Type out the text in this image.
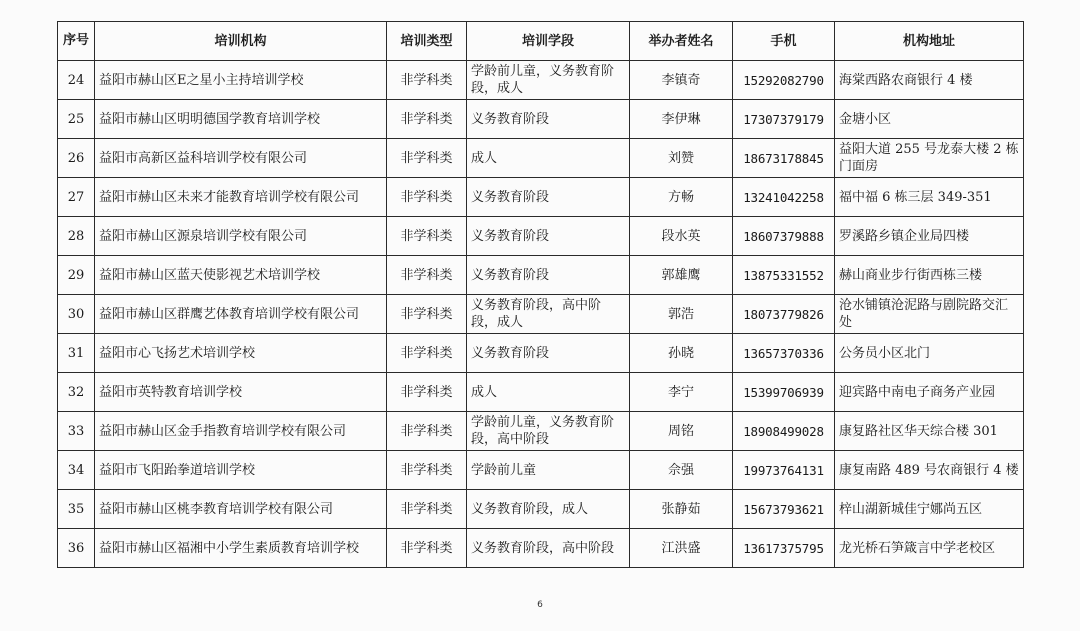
序号	培训机构	培训类型	培训学段	举办者姓名	手机	机构地址
24	益阳市赫山区E之星小主持培训学校	非学科类	学龄前儿童，义务教育阶段，成人	李镇奇	15292082790	海棠西路农商银行 4 楼
25	益阳市赫山区明明德国学教育培训学校	非学科类	义务教育阶段	李伊琳	17307379179	金塘小区
26	益阳市高新区益科培训学校有限公司	非学科类	成人	刘赞	18673178845	益阳大道 255 号龙泰大楼 2 栋门面房
27	益阳市赫山区未来才能教育培训学校有限公司	非学科类	义务教育阶段	方畅	13241042258	福中福 6 栋三层 349-351
28	益阳市赫山区源泉培训学校有限公司	非学科类	义务教育阶段	段水英	18607379888	罗溪路乡镇企业局四楼
29	益阳市赫山区蓝天使影视艺术培训学校	非学科类	义务教育阶段	郭雄鹰	13875331552	赫山商业步行街西栋三楼
30	益阳市赫山区群鹰艺体教育培训学校有限公司	非学科类	义务教育阶段，高中阶段，成人	郭浩	18073779826	沧水铺镇沧泥路与剧院路交汇处
31	益阳市心飞扬艺术培训学校	非学科类	义务教育阶段	孙晓	13657370336	公务员小区北门
32	益阳市英特教育培训学校	非学科类	成人	李宁	15399706939	迎宾路中南电子商务产业园
33	益阳市赫山区金手指教育培训学校有限公司	非学科类	学龄前儿童，义务教育阶段，高中阶段	周铭	18908499028	康复路社区华天综合楼 301
34	益阳市飞阳跆拳道培训学校	非学科类	学龄前儿童	佘强	19973764131	康复南路 489 号农商银行 4 楼
35	益阳市赫山区桃李教育培训学校有限公司	非学科类	义务教育阶段，成人	张静茹	15673793621	梓山湖新城佳宁娜尚五区
36	益阳市赫山区福湘中小学生素质教育培训学校	非学科类	义务教育阶段，高中阶段	江洪盛	13617375795	龙光桥石笋箴言中学老校区
6
